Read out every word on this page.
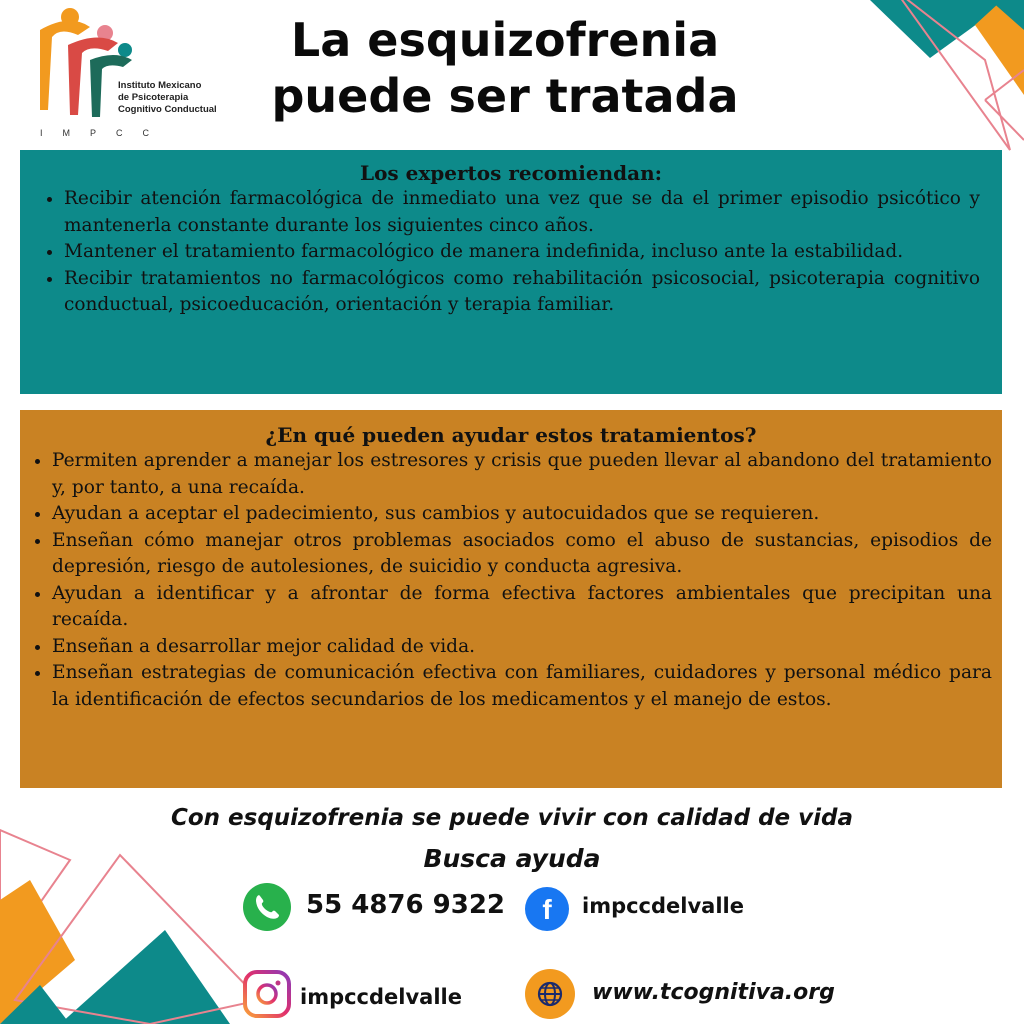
Instituto Mexicano
de Psicoterapia
Cognitivo Conductual
IMPCC
La esquizofrenia
puede ser tratada
Los expertos recomiendan:
• Recibir atención farmacológica de inmediato una vez que se da el primer episodio psicótico y mantenerla constante durante los siguientes cinco años.
• Mantener el tratamiento farmacológico de manera indefinida, incluso ante la estabilidad.
• Recibir tratamientos no farmacológicos como rehabilitación psicosocial, psicoterapia cognitivo conductual, psicoeducación, orientación y terapia familiar.
¿En qué pueden ayudar estos tratamientos?
• Permiten aprender a manejar los estresores y crisis que pueden llevar al abandono del tratamiento y, por tanto, a una recaída.
• Ayudan a aceptar el padecimiento, sus cambios y autocuidados que se requieren.
• Enseñan cómo manejar otros problemas asociados como el abuso de sustancias, episodios de depresión, riesgo de autolesiones, de suicidio y conducta agresiva.
• Ayudan a identificar y a afrontar de forma efectiva factores ambientales que precipitan una recaída.
• Enseñan a desarrollar mejor calidad de vida.
• Enseñan estrategias de comunicación efectiva con familiares, cuidadores y personal médico para la identificación de efectos secundarios de los medicamentos y el manejo de estos.

Con esquizofrenia se puede vivir con calidad de vida

Busca ayuda

55 4876 9322 f impccdelvalle
impccdelvalle	www.tcognitiva.org
